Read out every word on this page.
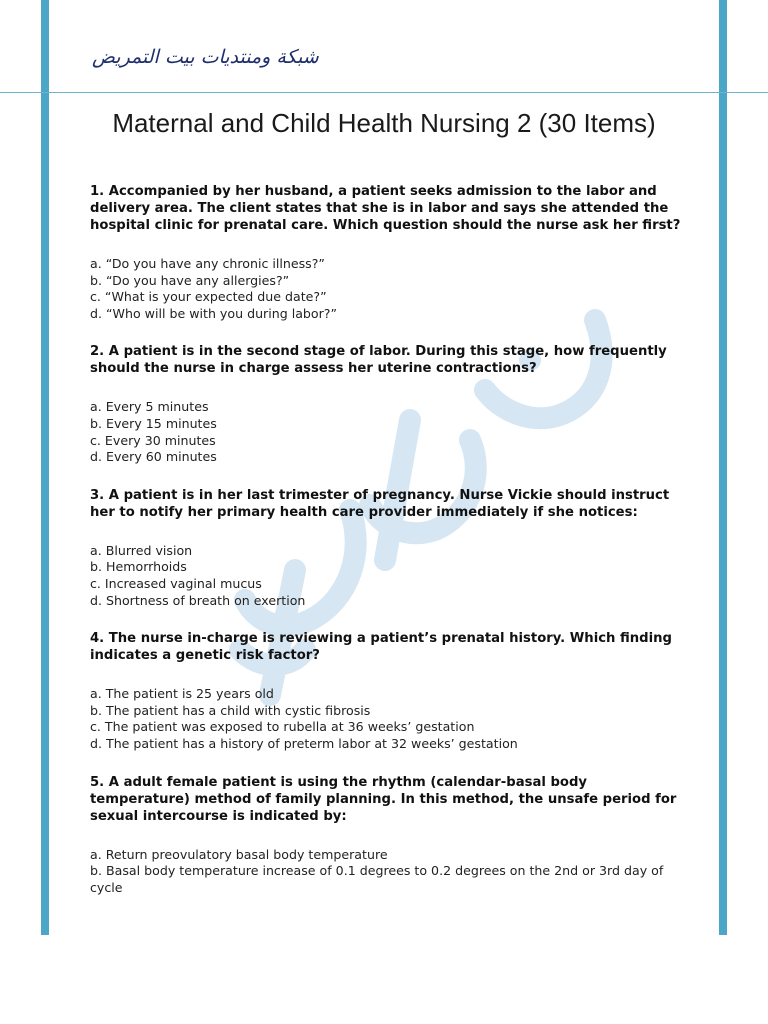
شبكة ومنتديات بيت التمريض
Maternal and Child Health Nursing 2 (30 Items)

1. Accompanied by her husband, a patient seeks admission to the labor and delivery area. The client states that she is in labor and says she attended the hospital clinic for prenatal care. Which question should the nurse ask her first?

a. “Do you have any chronic illness?”
b. “Do you have any allergies?”
c. “What is your expected due date?”
d. “Who will be with you during labor?”

2. A patient is in the second stage of labor. During this stage, how frequently should the nurse in charge assess her uterine contractions?

a. Every 5 minutes
b. Every 15 minutes
c. Every 30 minutes
d. Every 60 minutes

3. A patient is in her last trimester of pregnancy. Nurse Vickie should instruct her to notify her primary health care provider immediately if she notices:

a. Blurred vision
b. Hemorrhoids
c. Increased vaginal mucus
d. Shortness of breath on exertion

4. The nurse in-charge is reviewing a patient’s prenatal history. Which finding indicates a genetic risk factor?

a. The patient is 25 years old
b. The patient has a child with cystic fibrosis
c. The patient was exposed to rubella at 36 weeks’ gestation
d. The patient has a history of preterm labor at 32 weeks’ gestation

5. A adult female patient is using the rhythm (calendar-basal body temperature) method of family planning. In this method, the unsafe period for sexual intercourse is indicated by:

a. Return preovulatory basal body temperature
b. Basal body temperature increase of 0.1 degrees to 0.2 degrees on the 2nd or 3rd day of cycle
